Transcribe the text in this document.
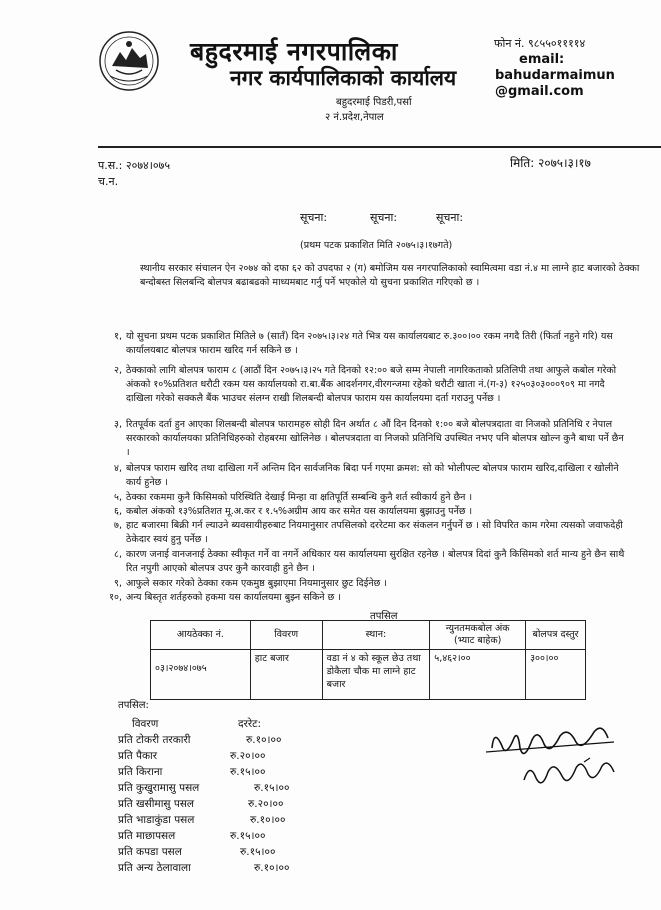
बहुदरमाई नगरपालिका
नगर कार्यपालिकाको कार्यालय
बहुदरमाई पिडरी,पर्सा
२ नं.प्रदेश,नेपाल
फोन नं. ९८५५०११११४
email:
bahudarmaimun
@gmail.com
प.स.: २०७४।०७५
च.न.
मिति: २०७५।३।१७
सूचना:	सूचना:	सूचना:
(प्रथम पटक प्रकाशित मिति २०७५।३।१७गते)
स्थानीय सरकार संचालन ऐन २०७४ को दफा ६२ को उपदफा २ (ग) बमोजिम यस नगरपालिकाको स्वामित्वमा वडा नं.४ मा लाग्ने हाट बजारको ठेक्का बन्दोबस्त सिलबन्दि बोलपत्र बढाबढको माध्यमबाट गर्नु पर्ने भएकोले यो सुचना प्रकाशित गरिएको छ ।
१, यो सुचना प्रथम पटक प्रकाशित मितिले ७ (सातँ) दिन २०७५।३।२४ गते भित्र यस कार्यालयबाट रु.३००।०० रकम नगदै तिरी (फिर्ता नहुने गरि) यस कार्यालयबाट बोलपत्र फाराम खरिद गर्न सकिने छ ।
२, ठेक्काको लागि बोलपत्र फाराम ८ (आठौं दिन २०७५।३।२५ गते दिनको १२:०० बजे सम्म नेपाली नागरिकताको प्रतिलिपी तथा आफुले कबोल गरेको अंकको १०%प्रतिशत धरौटी रकम यस कार्यालयको रा.बा.बैंक आदर्शनगर,वीरगन्जमा रहेको धरौटी खाता नं.(ग-३) १२५०३०३०००९०९ मा नगदै दाखिला गरेको सक्कलै बैंक भाउचर संलग्न राखी शिलबन्दी बोलपत्र फाराम यस कार्यालयमा दर्ता गराउनु पर्नेछ ।
३, रितपूर्वक दर्ता हुन आएका शिलबन्दी बोलपत्र फारामहरु सोही दिन अर्थात ८ औं दिन दिनको १:०० बजे बोलपत्रदाता वा निजको प्रतिनिधि र नेपाल सरकारको कार्यालयका प्रतिनिधिहरुको रोहबरमा खोलिनेछ । बोलपत्रदाता वा निजको प्रतिनिधि उपस्थित नभए पनि बोलपत्र खोल्न कुनै बाधा पर्ने छैन ।
४, बोलपत्र फाराम खरिद तथा दाखिला गर्ने अन्तिम दिन सार्वजनिक बिदा पर्न गएमा क्रमश: सो को भोलीपल्ट बोलपत्र फाराम खरिद,दाखिला र खोलीने कार्य हुनेछ ।
५, ठेक्का रकममा कुनै किसिमको परिस्थिति देखाई मिन्हा वा क्षतिपूर्ति सम्बन्धि कुनै शर्त स्वीकार्य हुने छैन ।
६, कबोल अंकको १३%प्रतिशत मू.अ.कर र १.५%अग्रीम आय कर समेत यस कार्यालयमा बुझाउनु पर्नेछ ।
७, हाट बजारमा बिक्री गर्न ल्याउने ब्यवसायीहरुबाट नियमानुसार तपसिलको दररेटमा कर संकलन गर्नुपर्ने छ । सो विपरित काम गरेमा त्यसको जवाफदेही ठेकेदार स्वयं हुनु पर्नेछ ।
८, कारण जनाई वानजनाई ठेक्का स्वीकृत गर्ने वा नगर्ने अधिकार यस कार्यालयमा सुरक्षित रहनेछ । बोलपत्र दिदां कुनै किसिमको शर्त मान्य हुने छैन साथै रित नपुगी आएको बोलपत्र उपर कुनै कारवाही हुने छैन ।
९, आफुले सकार गरेको ठेक्का रकम एकमुष्ठ बुझाएमा नियमानुसार छुट दिईनेछ ।
१०, अन्य बिस्तृत शर्तहरुको हकमा यस कार्यालयमा बुझ्न सकिने छ ।
तपसिल
आयठेक्का नं.	विवरण	स्थान:	न्युनतमकबोल अंक (भ्याट बाहेक)	बोलपत्र दस्तुर
०३।२०७४।०७५	हाट बजार	वडा नं ४ को स्कूल छेउ तथा डोकैला चौक मा लाग्ने हाट बजार	५,४६२।००	३००।००
तपसिल:
विवरण	दररेट:
प्रति टोकरी तरकारी	रु.१०।००
प्रति पैकार	रु.२०।००
प्रति किराना	रु.१५।००
प्रति कुखुरामासु पसल	रु.१५।००
प्रति खसीमासु पसल	रु.२०।००
प्रति भाडाकुंडा पसल	रु.१०।००
प्रति माछापसल	रु.१५।००
प्रति कपडा पसल	रु.१५।००
प्रति अन्य ठेलावाला	रु.१०।००
